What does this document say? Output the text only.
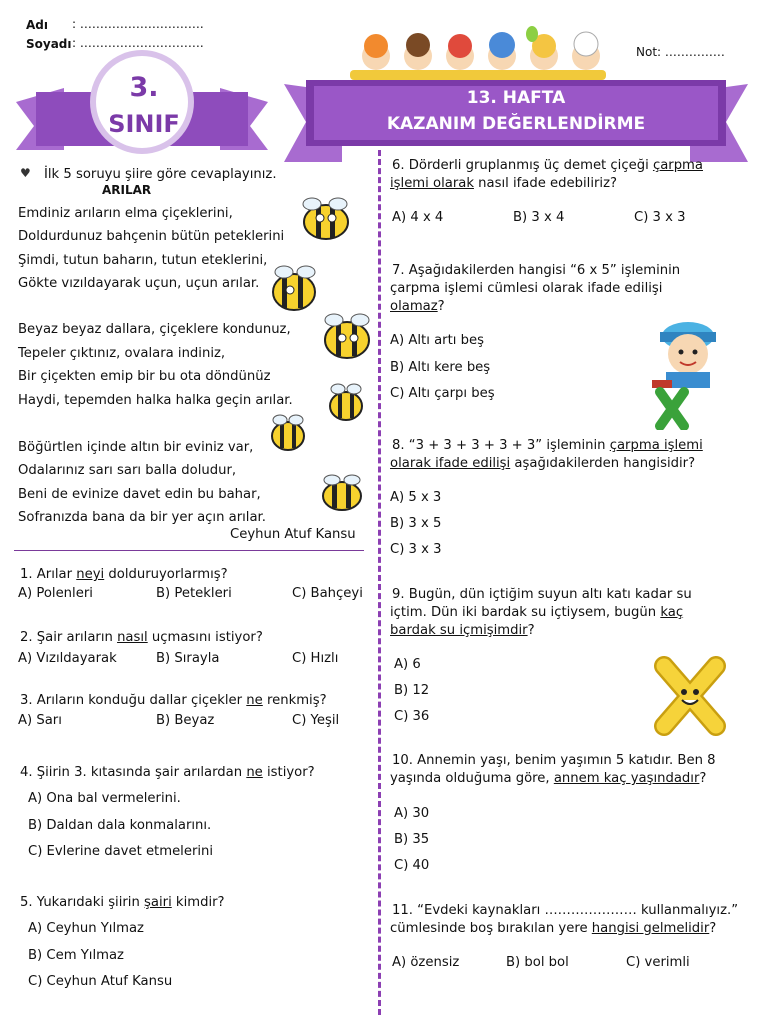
Adı : ………………………….
Soyadı : ………………………….
Not: ……………
3.
SINIF
13. HAFTA
KAZANIM DEĞERLENDİRME
♥ İlk 5 soruyu şiire göre cevaplayınız.
ARILAR
Emdiniz arıların elma çiçeklerini,
Doldurdunuz bahçenin bütün peteklerini
Şimdi, tutun baharın, tutun eteklerini,
Gökte vızıldayarak uçun, uçun arılar.
Beyaz beyaz dallara, çiçeklere kondunuz,
Tepeler çıktınız, ovalara indiniz,
Bir çiçekten emip bir bu ota döndünüz
Haydi, tepemden halka halka geçin arılar.
Böğürtlen içinde altın bir eviniz var,
Odalarınız sarı sarı balla doludur,
Beni de evinize davet edin bu bahar,
Sofranızda bana da bir yer açın arılar.
Ceyhun Atuf Kansu
1. Arılar neyi dolduruyorlarmış?
A) Polenleri	B) Petekleri	C) Bahçeyi
2. Şair arıların nasıl uçmasını istiyor?
A) Vızıldayarak	B) Sırayla	C) Hızlı
3. Arıların konduğu dallar çiçekler ne renkmiş?
A) Sarı	B) Beyaz	C) Yeşil
4. Şiirin 3. kıtasında şair arılardan ne istiyor?
A) Ona bal vermelerini.
B) Daldan dala konmalarını.
C) Evlerine davet etmelerini
5. Yukarıdaki şiirin şairi kimdir?
A) Ceyhun Yılmaz
B) Cem Yılmaz
C) Ceyhun Atuf Kansu
6. Dörderli gruplanmış üç demet çiçeği çarpma
işlemi olarak nasıl ifade edebiliriz?
A) 4 x 4	B) 3 x 4	C) 3 x 3
7. Aşağıdakilerden hangisi “6 x 5” işleminin
çarpma işlemi cümlesi olarak ifade edilişi
olamaz?
A) Altı artı beş
B) Altı kere beş
C) Altı çarpı beş
8. “3 + 3 + 3 + 3 + 3” işleminin çarpma işlemi
olarak ifade edilişi aşağıdakilerden hangisidir?
A) 5 x 3
B) 3 x 5
C) 3 x 3
9. Bugün, dün içtiğim suyun altı katı kadar su
içtim. Dün iki bardak su içtiysem, bugün kaç
bardak su içmişimdir?
A) 6
B) 12
C) 36
10. Annemin yaşı, benim yaşımın 5 katıdır. Ben 8
yaşında olduğuma göre, annem kaç yaşındadır?
A) 30
B) 35
C) 40
11. “Evdeki kaynakları ………………… kullanmalıyız.”
cümlesinde boş bırakılan yere hangisi gelmelidir?
A) özensiz	B) bol bol	C) verimli
